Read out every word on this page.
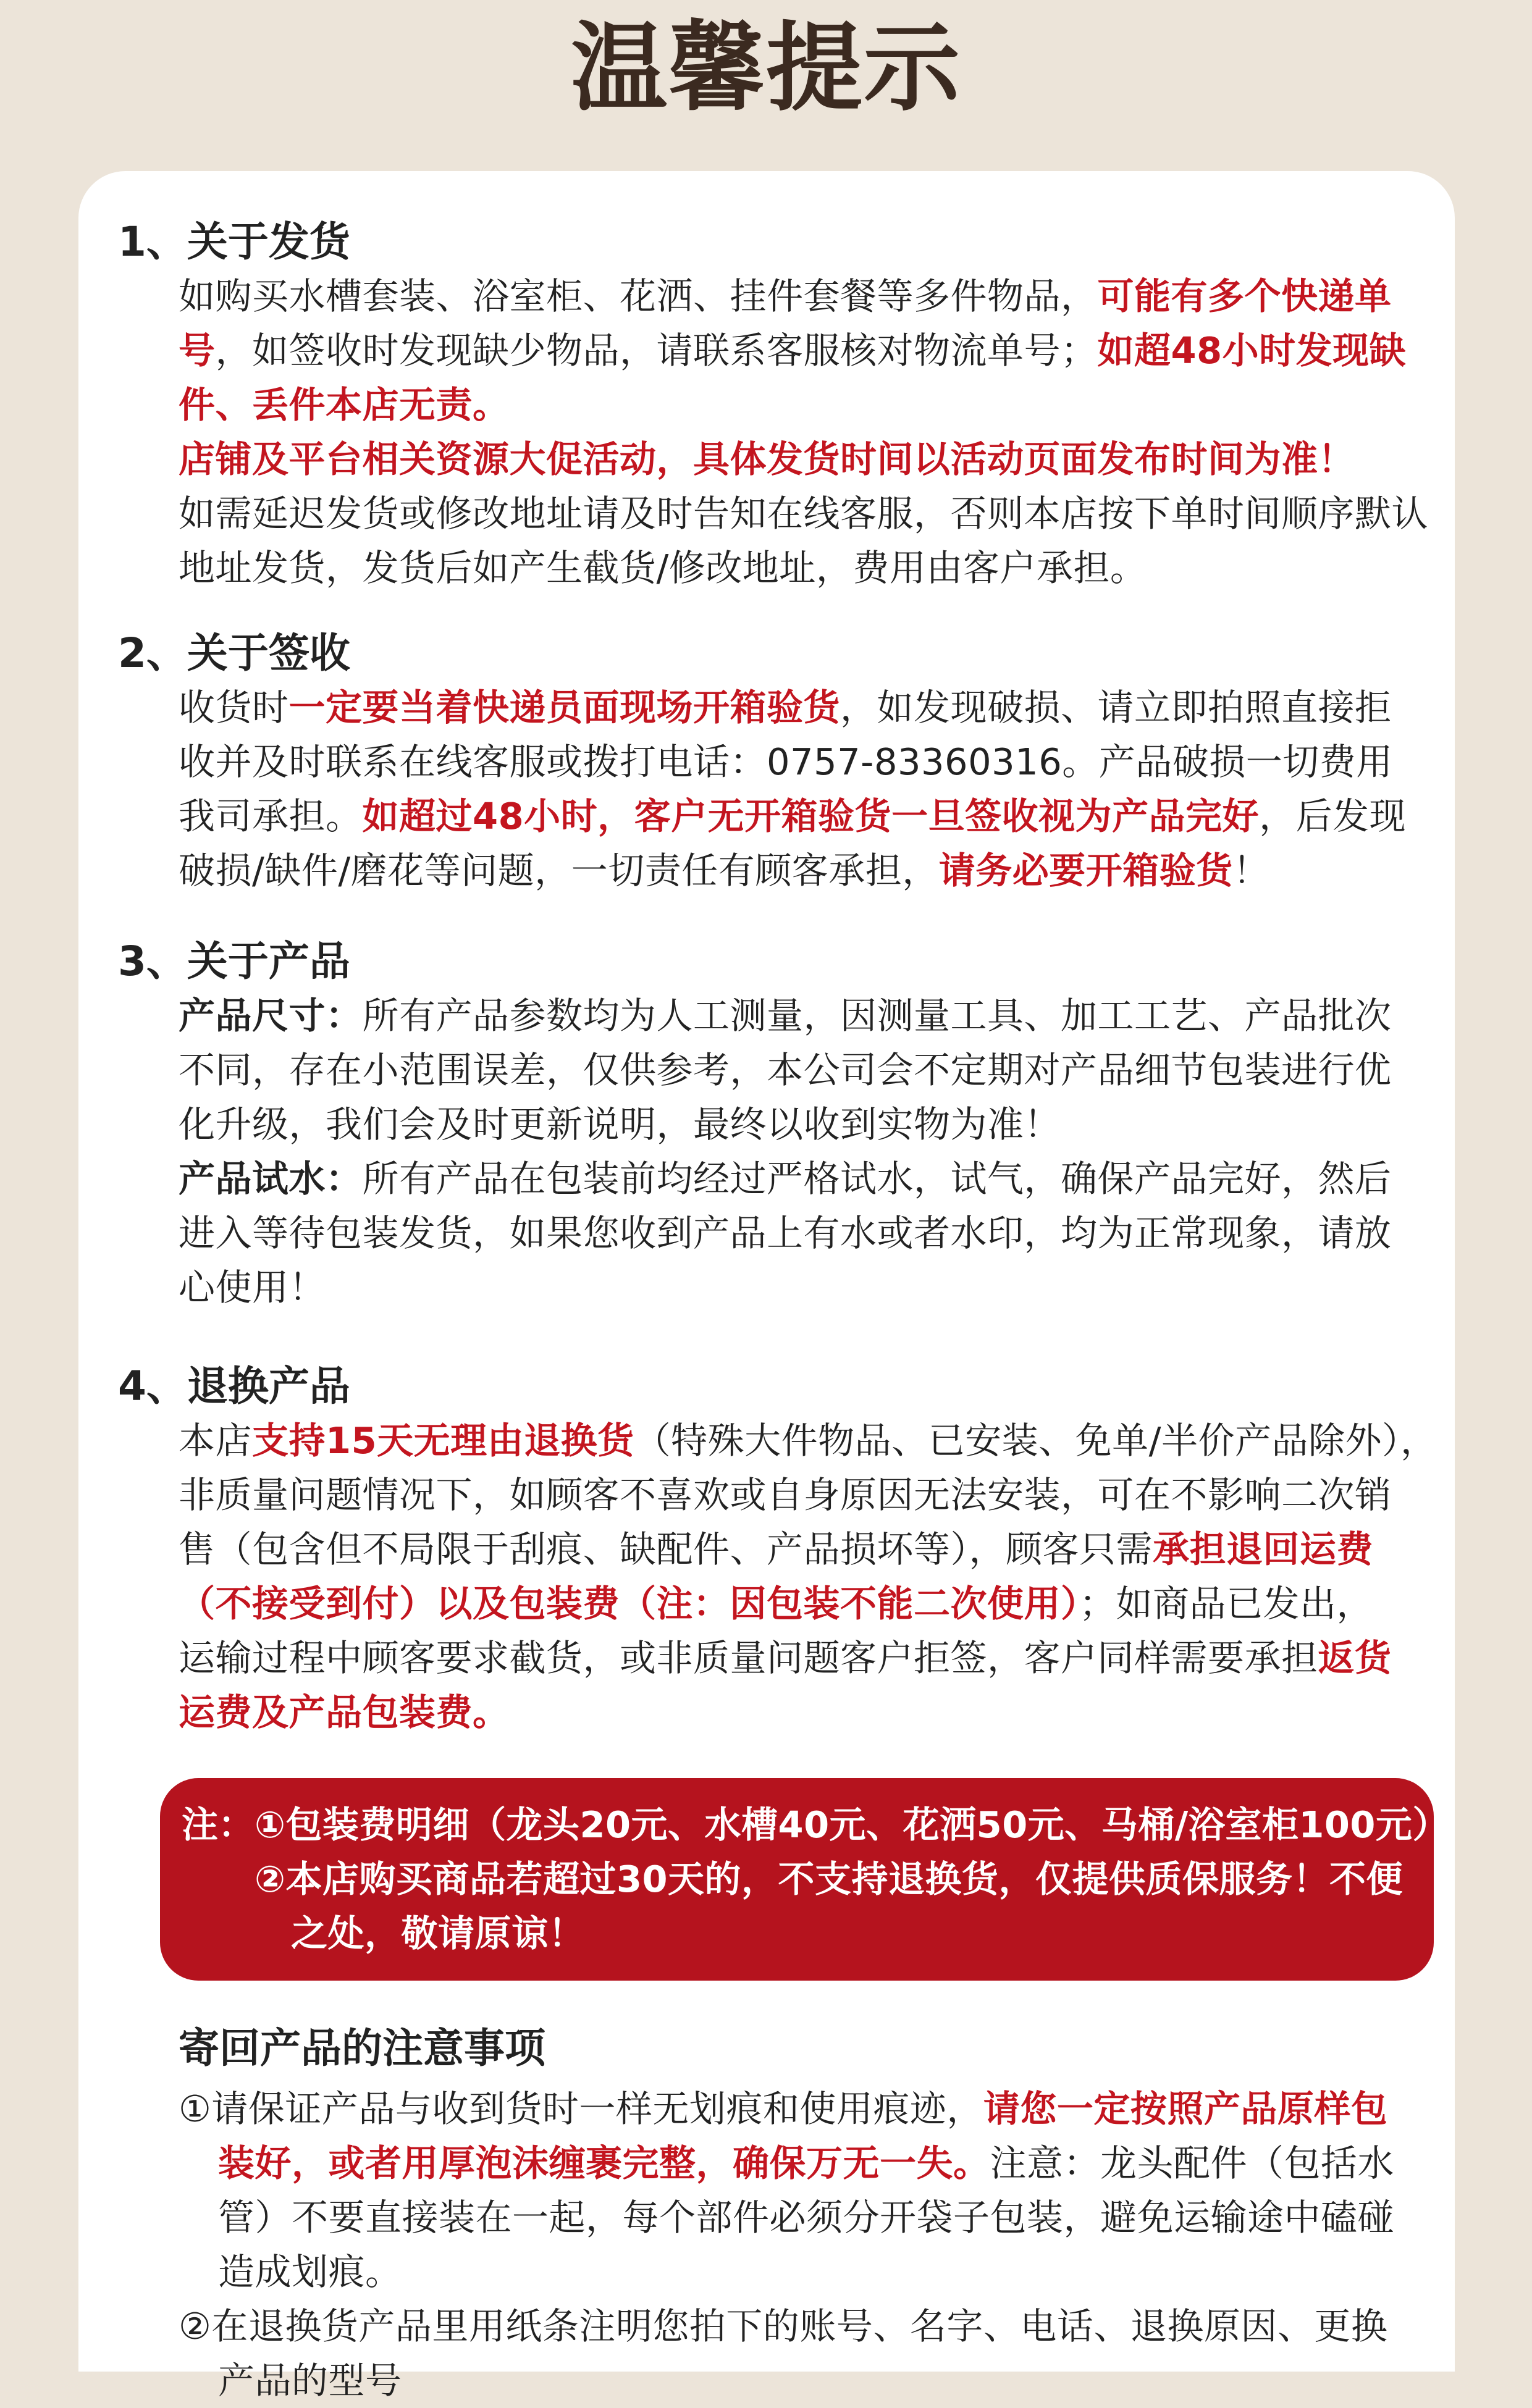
温馨提示
1、关于发货
如购买水槽套装、浴室柜、花洒、挂件套餐等多件物品，可能有多个快递单
号，如签收时发现缺少物品，请联系客服核对物流单号；如超48小时发现缺
件、丢件本店无责。
店铺及平台相关资源大促活动，具体发货时间以活动页面发布时间为准！
如需延迟发货或修改地址请及时告知在线客服，否则本店按下单时间顺序默认
地址发货，发货后如产生截货/修改地址，费用由客户承担。
2、关于签收
收货时一定要当着快递员面现场开箱验货，如发现破损、请立即拍照直接拒
收并及时联系在线客服或拨打电话：0757-83360316。产品破损一切费用
我司承担。如超过48小时，客户无开箱验货一旦签收视为产品完好，后发现
破损/缺件/磨花等问题，一切责任有顾客承担，请务必要开箱验货！
3、关于产品
产品尺寸：所有产品参数均为人工测量，因测量工具、加工工艺、产品批次
不同，存在小范围误差，仅供参考，本公司会不定期对产品细节包装进行优
化升级，我们会及时更新说明，最终以收到实物为准！
产品试水：所有产品在包装前均经过严格试水，试气，确保产品完好，然后
进入等待包装发货，如果您收到产品上有水或者水印，均为正常现象，请放
心使用！
4、退换产品
本店支持15天无理由退换货（特殊大件物品、已安装、免单/半价产品除外），
非质量问题情况下，如顾客不喜欢或自身原因无法安装，可在不影响二次销
售（包含但不局限于刮痕、缺配件、产品损坏等），顾客只需承担退回运费
（不接受到付）以及包装费（注：因包装不能二次使用）；如商品已发出，
运输过程中顾客要求截货，或非质量问题客户拒签，客户同样需要承担返货
运费及产品包装费。
注： ①包装费明细（龙头20元、水槽40元、花洒50元、马桶/浴室柜100元）
②本店购买商品若超过30天的，不支持退换货，仅提供质保服务！不便
之处，敬请原谅！
寄回产品的注意事项
①请保证产品与收到货时一样无划痕和使用痕迹，请您一定按照产品原样包
装好，或者用厚泡沫缠裹完整，确保万无一失。注意：龙头配件（包括水
管）不要直接装在一起，每个部件必须分开袋子包装，避免运输途中磕碰
造成划痕。
②在退换货产品里用纸条注明您拍下的账号、名字、电话、退换原因、更换
产品的型号
